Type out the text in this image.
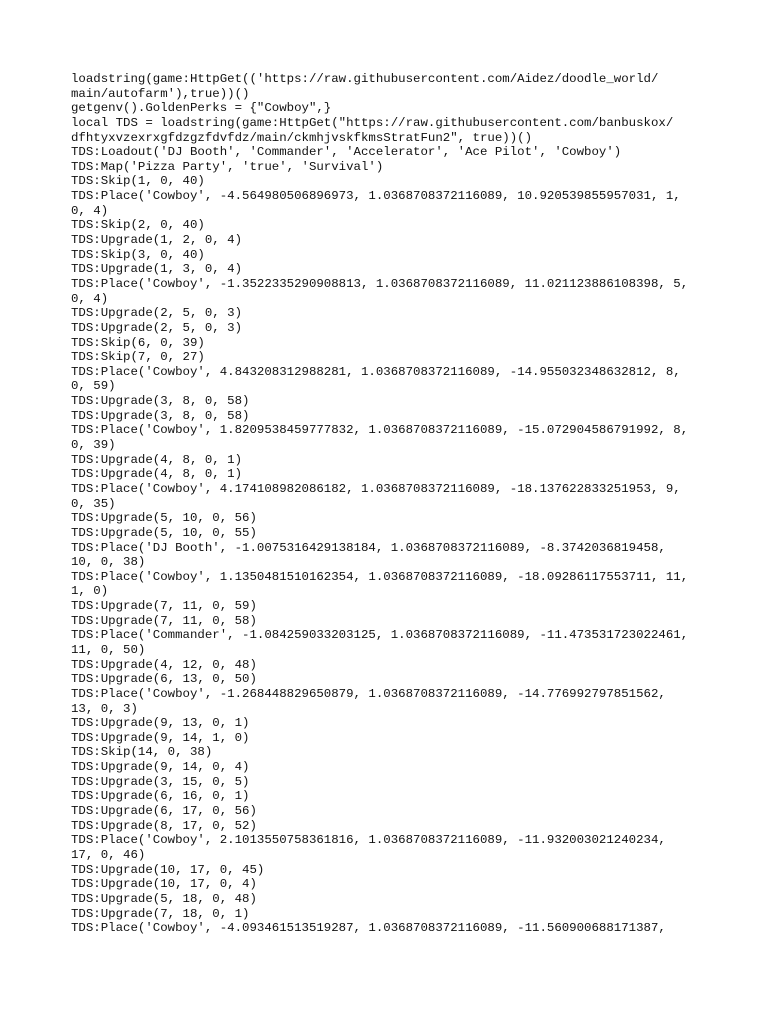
loadstring(game:HttpGet(('https://raw.githubusercontent.com/Aidez/doodle_world/
main/autofarm'),true))()
getgenv().GoldenPerks = {"Cowboy",}
local TDS = loadstring(game:HttpGet("https://raw.githubusercontent.com/banbuskox/
dfhtyxvzexrxgfdzgzfdvfdz/main/ckmhjvskfkmsStratFun2", true))()
TDS:Loadout('DJ Booth', 'Commander', 'Accelerator', 'Ace Pilot', 'Cowboy')
TDS:Map('Pizza Party', 'true', 'Survival')
TDS:Skip(1, 0, 40)
TDS:Place('Cowboy', -4.564980506896973, 1.0368708372116089, 10.920539855957031, 1,
0, 4)
TDS:Skip(2, 0, 40)
TDS:Upgrade(1, 2, 0, 4)
TDS:Skip(3, 0, 40)
TDS:Upgrade(1, 3, 0, 4)
TDS:Place('Cowboy', -1.3522335290908813, 1.0368708372116089, 11.021123886108398, 5,
0, 4)
TDS:Upgrade(2, 5, 0, 3)
TDS:Upgrade(2, 5, 0, 3)
TDS:Skip(6, 0, 39)
TDS:Skip(7, 0, 27)
TDS:Place('Cowboy', 4.843208312988281, 1.0368708372116089, -14.955032348632812, 8,
0, 59)
TDS:Upgrade(3, 8, 0, 58)
TDS:Upgrade(3, 8, 0, 58)
TDS:Place('Cowboy', 1.8209538459777832, 1.0368708372116089, -15.072904586791992, 8,
0, 39)
TDS:Upgrade(4, 8, 0, 1)
TDS:Upgrade(4, 8, 0, 1)
TDS:Place('Cowboy', 4.174108982086182, 1.0368708372116089, -18.137622833251953, 9,
0, 35)
TDS:Upgrade(5, 10, 0, 56)
TDS:Upgrade(5, 10, 0, 55)
TDS:Place('DJ Booth', -1.0075316429138184, 1.0368708372116089, -8.3742036819458,
10, 0, 38)
TDS:Place('Cowboy', 1.1350481510162354, 1.0368708372116089, -18.09286117553711, 11,
1, 0)
TDS:Upgrade(7, 11, 0, 59)
TDS:Upgrade(7, 11, 0, 58)
TDS:Place('Commander', -1.084259033203125, 1.0368708372116089, -11.473531723022461,
11, 0, 50)
TDS:Upgrade(4, 12, 0, 48)
TDS:Upgrade(6, 13, 0, 50)
TDS:Place('Cowboy', -1.268448829650879, 1.0368708372116089, -14.776992797851562,
13, 0, 3)
TDS:Upgrade(9, 13, 0, 1)
TDS:Upgrade(9, 14, 1, 0)
TDS:Skip(14, 0, 38)
TDS:Upgrade(9, 14, 0, 4)
TDS:Upgrade(3, 15, 0, 5)
TDS:Upgrade(6, 16, 0, 1)
TDS:Upgrade(6, 17, 0, 56)
TDS:Upgrade(8, 17, 0, 52)
TDS:Place('Cowboy', 2.1013550758361816, 1.0368708372116089, -11.932003021240234,
17, 0, 46)
TDS:Upgrade(10, 17, 0, 45)
TDS:Upgrade(10, 17, 0, 4)
TDS:Upgrade(5, 18, 0, 48)
TDS:Upgrade(7, 18, 0, 1)
TDS:Place('Cowboy', -4.093461513519287, 1.0368708372116089, -11.560900688171387,
